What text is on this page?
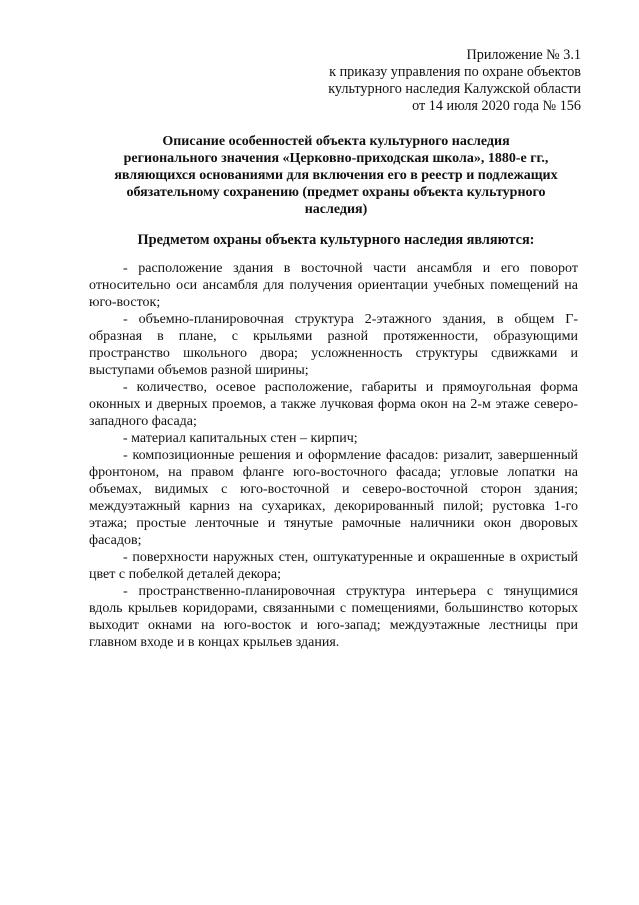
Приложение № 3.1
к приказу управления по охране объектов
культурного наследия Калужской области
от 14 июля 2020 года № 156
Описание особенностей объекта культурного наследия
регионального значения «Церковно-приходская школа», 1880-е гг.,
являющихся основаниями для включения его в реестр и подлежащих
обязательному сохранению (предмет охраны объекта культурного
наследия)
Предметом охраны объекта культурного наследия являются:

- расположение здания в восточной части ансамбля и его поворот относительно оси ансамбля для получения ориентации учебных помещений на юго-восток;

- объемно-планировочная структура 2-этажного здания, в общем Г-образная в плане, с крыльями разной протяженности, образующими пространство школьного двора; усложненность структуры сдвижками и выступами объемов разной ширины;

- количество, осевое расположение, габариты и прямоугольная форма оконных и дверных проемов, а также лучковая форма окон на 2-м этаже северо-западного фасада;

- материал капитальных стен – кирпич;

- композиционные решения и оформление фасадов: ризалит, завершенный фронтоном, на правом фланге юго-восточного фасада; угловые лопатки на объемах, видимых с юго-восточной и северо-восточной сторон здания; междуэтажный карниз на сухариках, декорированный пилой; рустовка 1-го этажа; простые ленточные и тянутые рамочные наличники окон дворовых фасадов;

- поверхности наружных стен, оштукатуренные и окрашенные в охристый цвет с побелкой деталей декора;

- пространственно-планировочная структура интерьера с тянущимися вдоль крыльев коридорами, связанными с помещениями, большинство которых выходит окнами на юго-восток и юго-запад; междуэтажные лестницы при главном входе и в концах крыльев здания.
